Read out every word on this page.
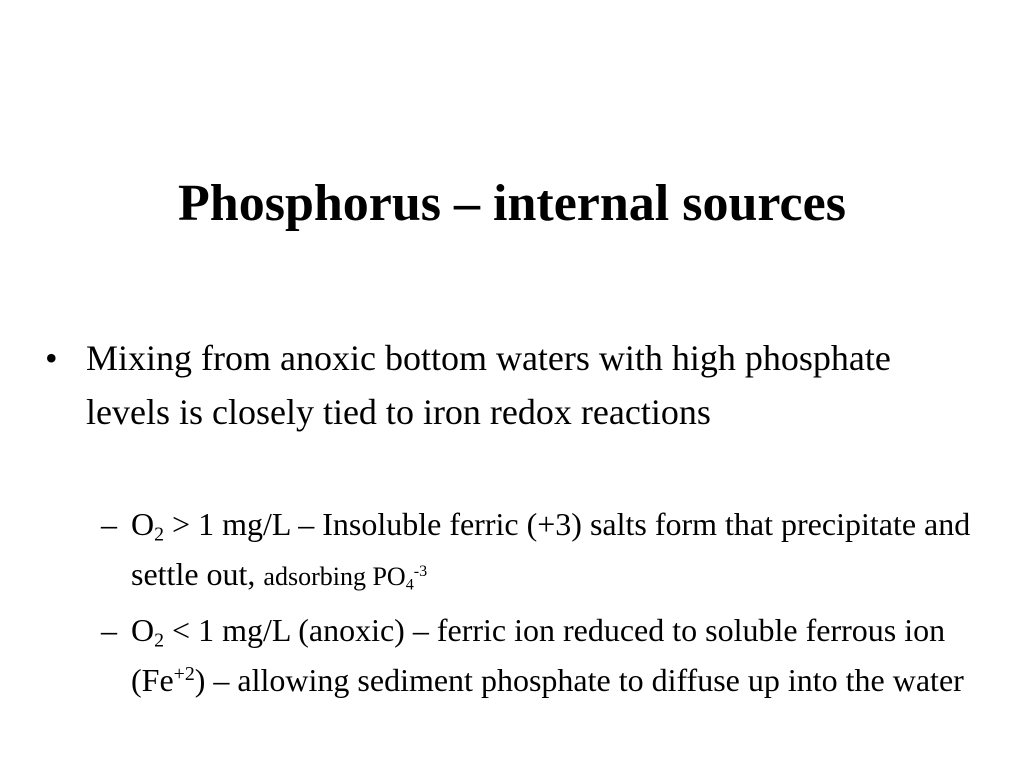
Phosphorus – internal sources
• Mixing from anoxic bottom waters with high phosphate levels is closely tied to iron redox reactions
– $O_2 > 1$ mg/L – Insoluble ferric (+3) salts form that precipitate and settle out, adsorbing $PO_4^{-3}$
– $O_2 < 1$ mg/L (anoxic) – ferric ion reduced to soluble ferrous ion $(Fe^{+2})$ – allowing sediment phosphate to diffuse up into the water
